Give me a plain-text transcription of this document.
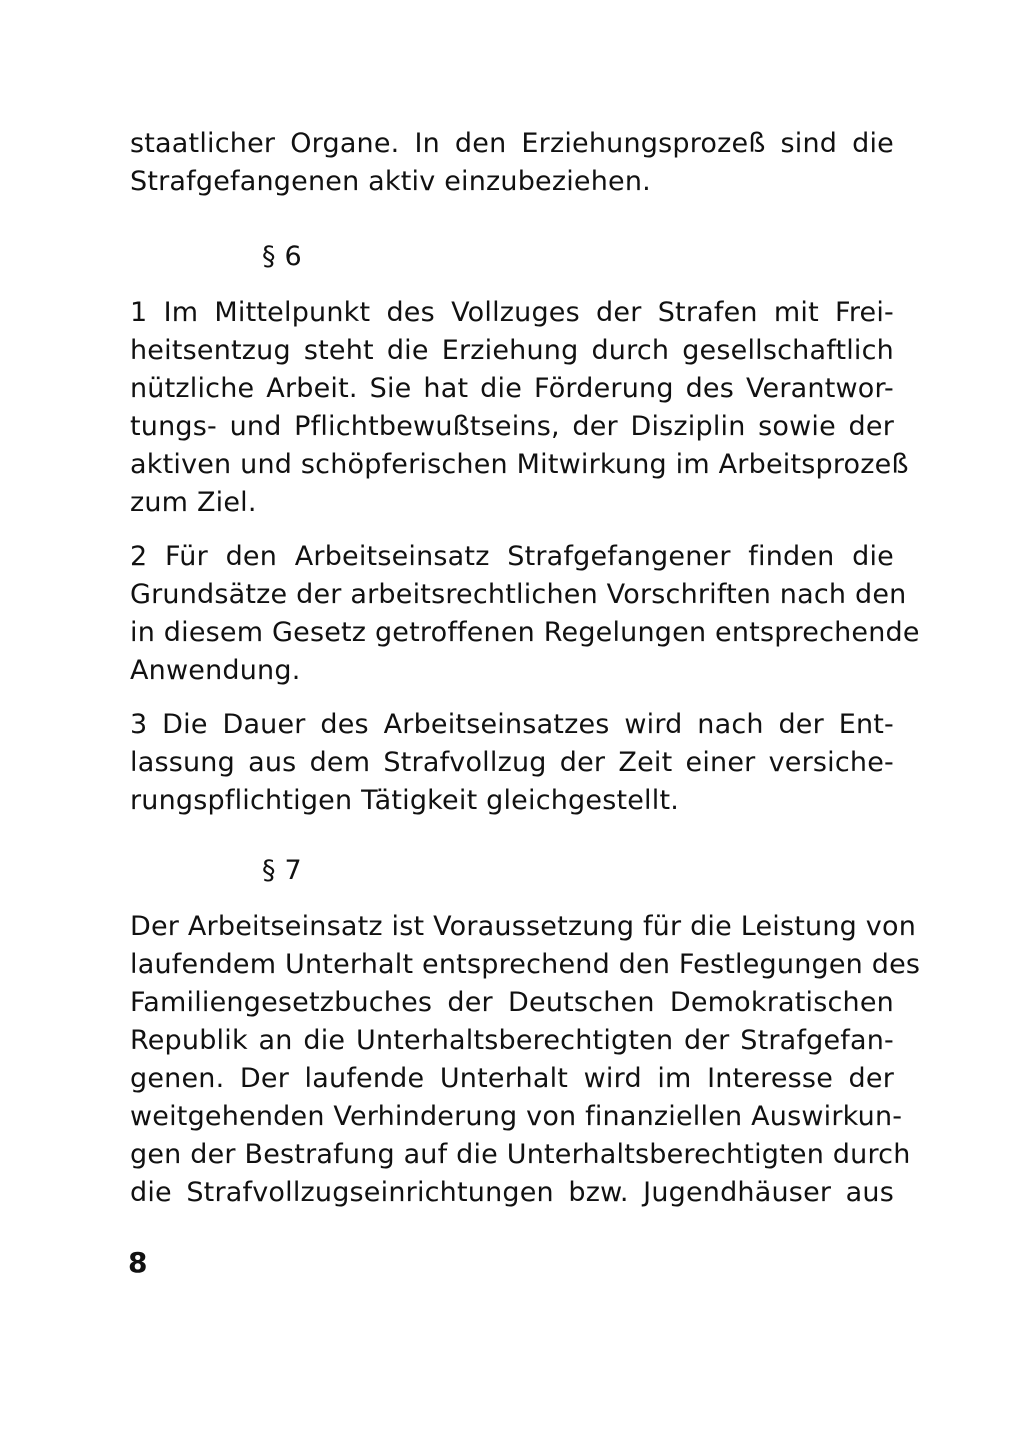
staatlicher Organe. In den Erziehungsprozeß sind die

Strafgefangenen aktiv einzubeziehen.

§ 6

1 Im Mittelpunkt des Vollzuges der Strafen mit Frei-

heitsentzug steht die Erziehung durch gesellschaftlich

nützliche Arbeit. Sie hat die Förderung des Verantwor-

tungs- und Pflichtbewußtseins, der Disziplin sowie der

aktiven und schöpferischen Mitwirkung im Arbeitsprozeß

zum Ziel.

2 Für den Arbeitseinsatz Strafgefangener finden die

Grundsätze der arbeitsrechtlichen Vorschriften nach den

in diesem Gesetz getroffenen Regelungen entsprechende

Anwendung.

3 Die Dauer des Arbeitseinsatzes wird nach der Ent-

lassung aus dem Strafvollzug der Zeit einer versiche-

rungspflichtigen Tätigkeit gleichgestellt.

§ 7

Der Arbeitseinsatz ist Voraussetzung für die Leistung von

laufendem Unterhalt entsprechend den Festlegungen des

Familiengesetzbuches der Deutschen Demokratischen

Republik an die Unterhaltsberechtigten der Strafgefan-

genen. Der laufende Unterhalt wird im Interesse der

weitgehenden Verhinderung von finanziellen Auswirkun-

gen der Bestrafung auf die Unterhaltsberechtigten durch

die Strafvollzugseinrichtungen bzw. Jugendhäuser aus

8
